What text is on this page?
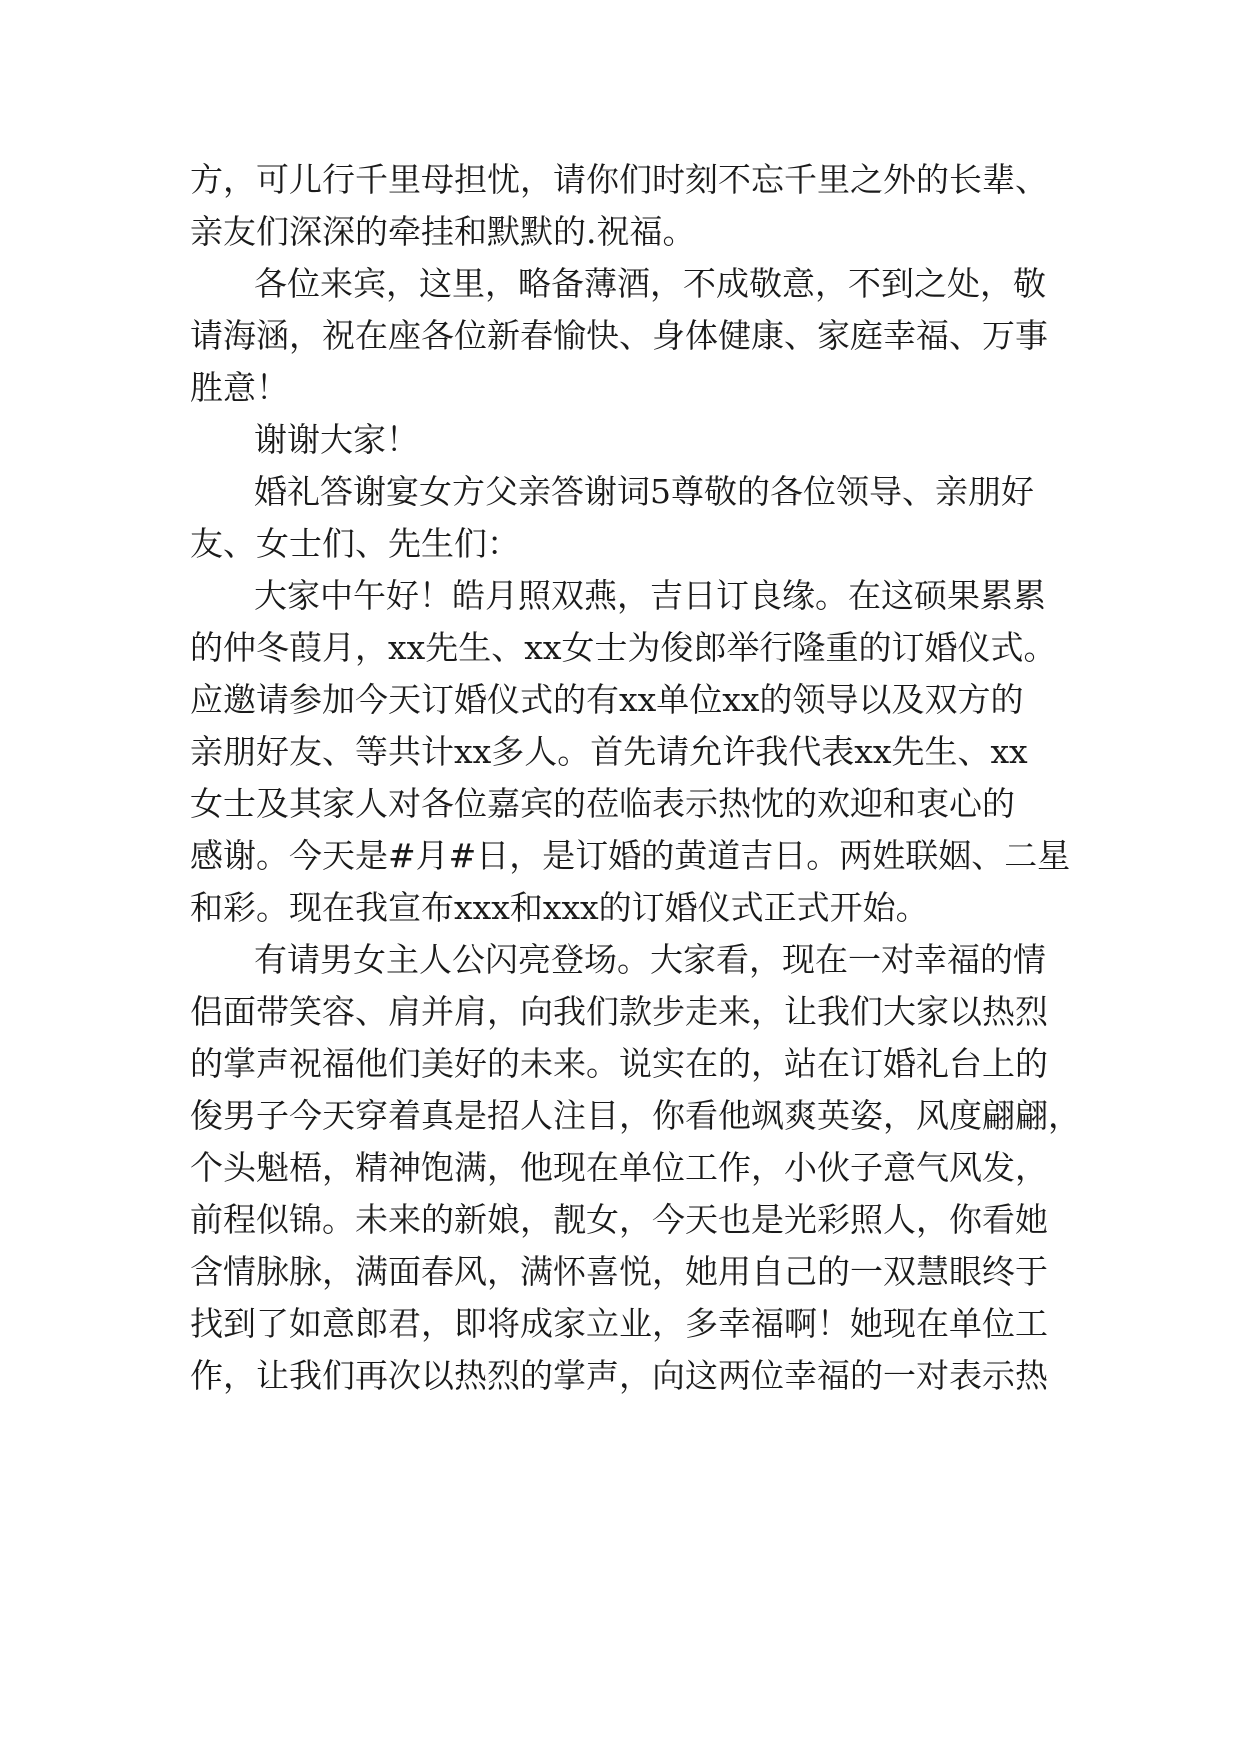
方，可儿行千里母担忧，请你们时刻不忘千里之外的长辈、
亲友们深深的牵挂和默默的.祝福。
各位来宾，这里，略备薄酒，不成敬意，不到之处，敬
请海涵，祝在座各位新春愉快、身体健康、家庭幸福、万事
胜意！
谢谢大家！
婚礼答谢宴女方父亲答谢词5尊敬的各位领导、亲朋好
友、女士们、先生们：
大家中午好！皓月照双燕，吉日订良缘。在这硕果累累
的仲冬葭月，xx先生、xx女士为俊郎举行隆重的订婚仪式。
应邀请参加今天订婚仪式的有xx单位xx的领导以及双方的
亲朋好友、等共计xx多人。首先请允许我代表xx先生、xx
女士及其家人对各位嘉宾的莅临表示热忱的欢迎和衷心的
感谢。今天是#月#日，是订婚的黄道吉日。两姓联姻、二星
和彩。现在我宣布xxx和xxx的订婚仪式正式开始。
有请男女主人公闪亮登场。大家看，现在一对幸福的情
侣面带笑容、肩并肩，向我们款步走来，让我们大家以热烈
的掌声祝福他们美好的未来。说实在的，站在订婚礼台上的
俊男子今天穿着真是招人注目，你看他飒爽英姿，风度翩翩，
个头魁梧，精神饱满，他现在单位工作，小伙子意气风发，
前程似锦。未来的新娘，靓女，今天也是光彩照人，你看她
含情脉脉，满面春风，满怀喜悦，她用自己的一双慧眼终于
找到了如意郎君，即将成家立业，多幸福啊！她现在单位工
作，让我们再次以热烈的掌声，向这两位幸福的一对表示热
